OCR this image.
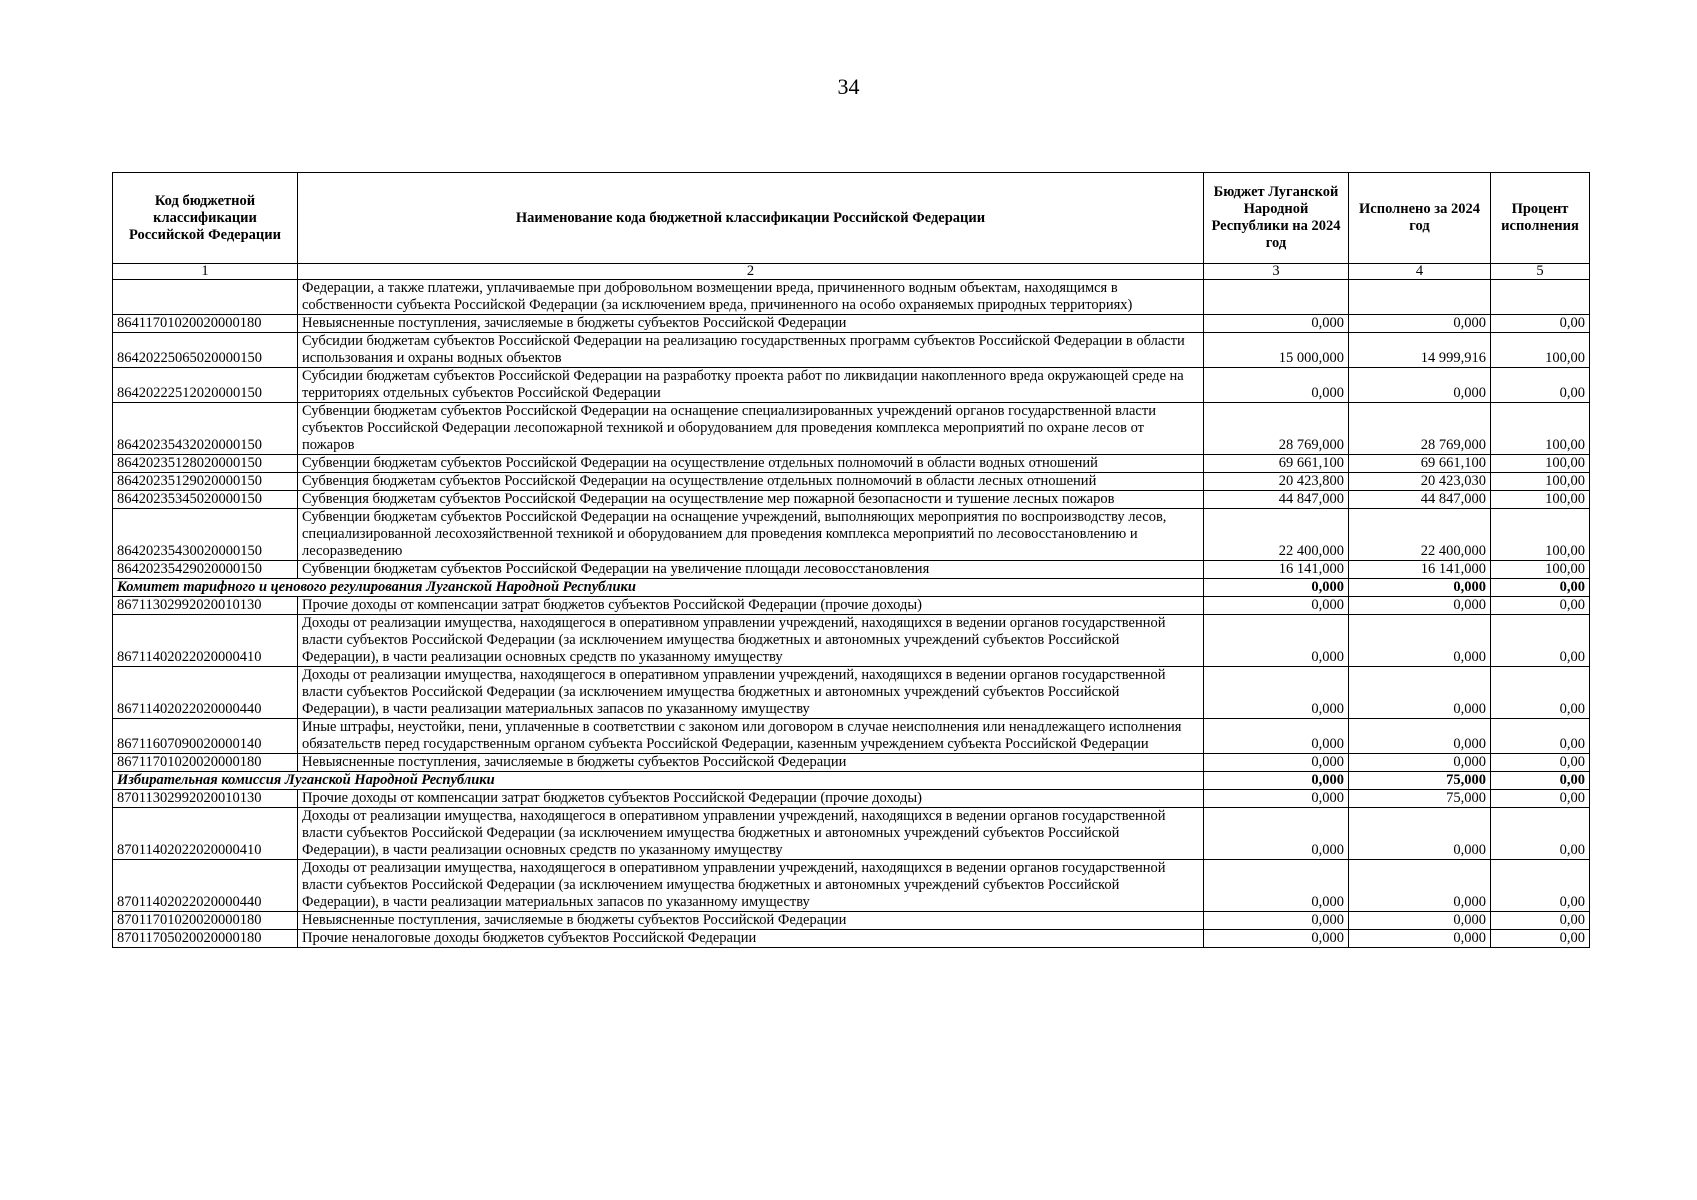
34
Код бюджетной классификации Российской Федерации	Наименование кода бюджетной классификации Российской Федерации	Бюджет Луганской Народной Республики на 2024 год	Исполнено за 2024 год	Процент исполнения
1	2	3	4	5
	Федерации, а также платежи, уплачиваемые при добровольном возмещении вреда, причиненного водным объектам, находящимся в собственности субъекта Российской Федерации (за исключением вреда, причиненного на особо охраняемых природных территориях)			
86411701020020000180	Невыясненные поступления, зачисляемые в бюджеты субъектов Российской Федерации	0,000	0,000	0,00
86420225065020000150	Субсидии бюджетам субъектов Российской Федерации на реализацию государственных программ субъектов Российской Федерации в области использования и охраны водных объектов	15 000,000	14 999,916	100,00
86420222512020000150	Субсидии бюджетам субъектов Российской Федерации на разработку проекта работ по ликвидации накопленного вреда окружающей среде на территориях отдельных субъектов Российской Федерации	0,000	0,000	0,00
86420235432020000150	Субвенции бюджетам субъектов Российской Федерации на оснащение специализированных учреждений органов государственной власти субъектов Российской Федерации лесопожарной техникой и оборудованием для проведения комплекса мероприятий по охране лесов от пожаров	28 769,000	28 769,000	100,00
86420235128020000150	Субвенции бюджетам субъектов Российской Федерации на осуществление отдельных полномочий в области водных отношений	69 661,100	69 661,100	100,00
86420235129020000150	Субвенция бюджетам субъектов Российской Федерации на осуществление отдельных полномочий в области лесных отношений	20 423,800	20 423,030	100,00
86420235345020000150	Субвенция бюджетам субъектов Российской Федерации на осуществление мер пожарной безопасности и тушение лесных пожаров	44 847,000	44 847,000	100,00
86420235430020000150	Субвенции бюджетам субъектов Российской Федерации на оснащение учреждений, выполняющих мероприятия по воспроизводству лесов, специализированной лесохозяйственной техникой и оборудованием для проведения комплекса мероприятий по лесовосстановлению и лесоразведению	22 400,000	22 400,000	100,00
86420235429020000150	Субвенции бюджетам субъектов Российской Федерации на увеличение площади лесовосстановления	16 141,000	16 141,000	100,00
Комитет тарифного и ценового регулирования Луганской Народной Республики		0,000	0,000	0,00
86711302992020010130	Прочие доходы от компенсации затрат бюджетов субъектов Российской Федерации (прочие доходы)	0,000	0,000	0,00
86711402022020000410	Доходы от реализации имущества, находящегося в оперативном управлении учреждений, находящихся в ведении органов государственной власти субъектов Российской Федерации (за исключением имущества бюджетных и автономных учреждений субъектов Российской Федерации), в части реализации основных средств по указанному имуществу	0,000	0,000	0,00
86711402022020000440	Доходы от реализации имущества, находящегося в оперативном управлении учреждений, находящихся в ведении органов государственной власти субъектов Российской Федерации (за исключением имущества бюджетных и автономных учреждений субъектов Российской Федерации), в части реализации материальных запасов по указанному имуществу	0,000	0,000	0,00
86711607090020000140	Иные штрафы, неустойки, пени, уплаченные в соответствии с законом или договором в случае неисполнения или ненадлежащего исполнения обязательств перед государственным органом субъекта Российской Федерации, казенным учреждением субъекта Российской Федерации	0,000	0,000	0,00
86711701020020000180	Невыясненные поступления, зачисляемые в бюджеты субъектов Российской Федерации	0,000	0,000	0,00
Избирательная комиссия Луганской Народной Республики		0,000	75,000	0,00
87011302992020010130	Прочие доходы от компенсации затрат бюджетов субъектов Российской Федерации (прочие доходы)	0,000	75,000	0,00
87011402022020000410	Доходы от реализации имущества, находящегося в оперативном управлении учреждений, находящихся в ведении органов государственной власти субъектов Российской Федерации (за исключением имущества бюджетных и автономных учреждений субъектов Российской Федерации), в части реализации основных средств по указанному имуществу	0,000	0,000	0,00
87011402022020000440	Доходы от реализации имущества, находящегося в оперативном управлении учреждений, находящихся в ведении органов государственной власти субъектов Российской Федерации (за исключением имущества бюджетных и автономных учреждений субъектов Российской Федерации), в части реализации материальных запасов по указанному имуществу	0,000	0,000	0,00
87011701020020000180	Невыясненные поступления, зачисляемые в бюджеты субъектов Российской Федерации	0,000	0,000	0,00
87011705020020000180	Прочие неналоговые доходы бюджетов субъектов Российской Федерации	0,000	0,000	0,00
